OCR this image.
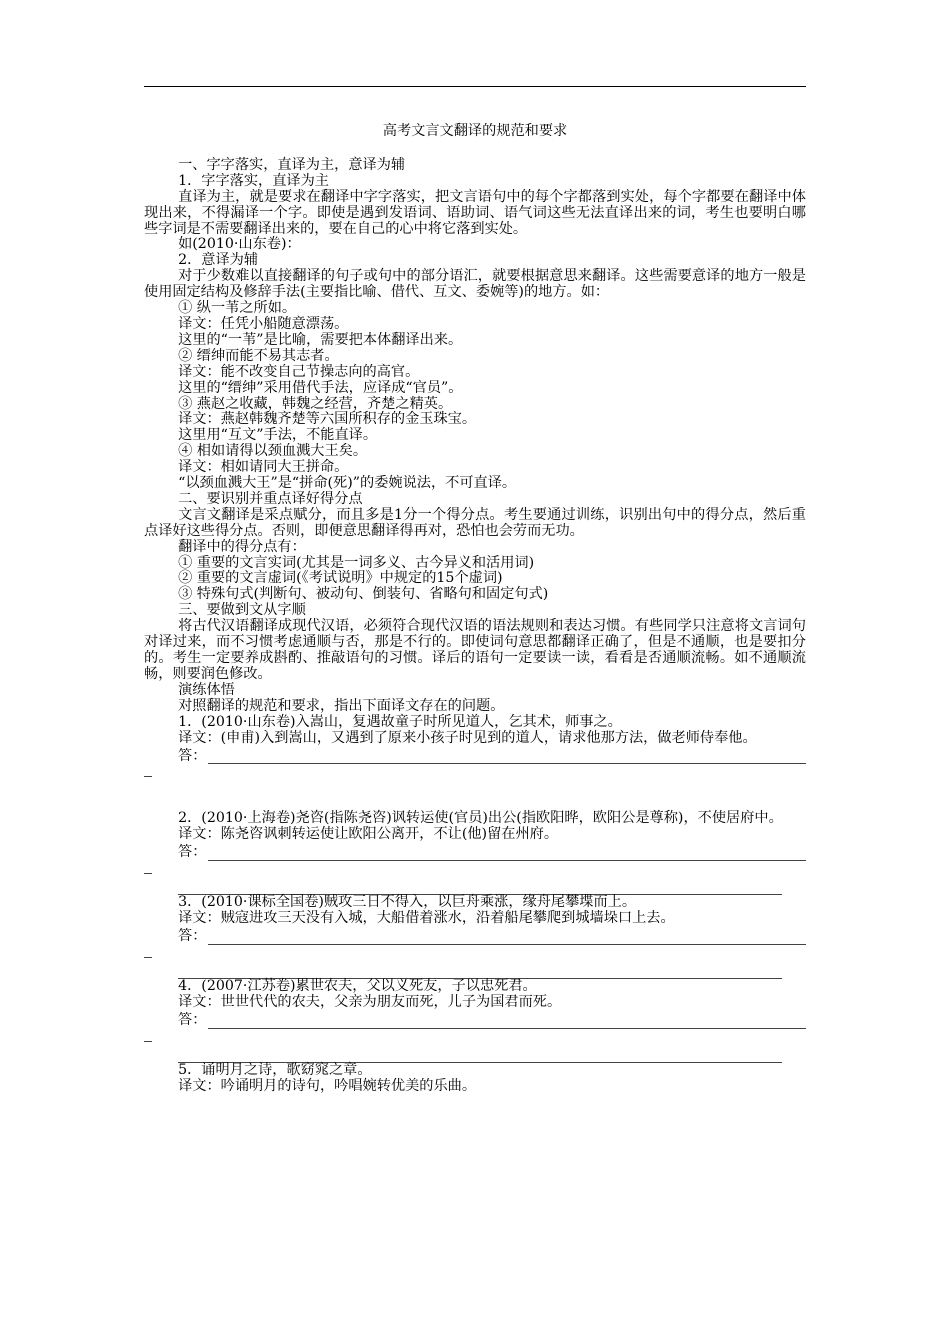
高考文言文翻译的规范和要求
一、字字落实，直译为主，意译为辅
1．字字落实，直译为主
直译为主，就是要求在翻译中字字落实，把文言语句中的每个字都落到实处，每个字都要在翻译中体现出来，不得漏译一个字。即使是遇到发语词、语助词、语气词这些无法直译出来的词，考生也要明白哪些字词是不需要翻译出来的，要在自己的心中将它落到实处。
如(2010·山东卷)：
2．意译为辅
对于少数难以直接翻译的句子或句中的部分语汇，就要根据意思来翻译。这些需要意译的地方一般是使用固定结构及修辞手法(主要指比喻、借代、互文、委婉等)的地方。如：
① 纵一苇之所如。
译文：任凭小船随意漂荡。
这里的“一苇”是比喻，需要把本体翻译出来。
② 缙绅而能不易其志者。
译文：能不改变自己节操志向的高官。
这里的“缙绅”采用借代手法，应译成“官员”。
③ 燕赵之收藏，韩魏之经营，齐楚之精英。
译文：燕赵韩魏齐楚等六国所积存的金玉珠宝。
这里用“互文”手法，不能直译。
④ 相如请得以颈血溅大王矣。
译文：相如请同大王拼命。
“以颈血溅大王”是“拼命(死)”的委婉说法，不可直译。
二、要识别并重点译好得分点
文言文翻译是采点赋分，而且多是1分一个得分点。考生要通过训练，识别出句中的得分点，然后重点译好这些得分点。否则，即便意思翻译得再对，恐怕也会劳而无功。
翻译中的得分点有：
① 重要的文言实词(尤其是一词多义、古今异义和活用词)
② 重要的文言虚词(《考试说明》中规定的15个虚词)
③ 特殊句式(判断句、被动句、倒装句、省略句和固定句式)
三、要做到文从字顺
将古代汉语翻译成现代汉语，必须符合现代汉语的语法规则和表达习惯。有些同学只注意将文言词句对译过来，而不习惯考虑通顺与否，那是不行的。即使词句意思都翻译正确了，但是不通顺，也是要扣分的。考生一定要养成斟酌、推敲语句的习惯。译后的语句一定要读一读，看看是否通顺流畅。如不通顺流畅，则要润色修改。
演练体悟
对照翻译的规范和要求，指出下面译文存在的问题。
1．(2010·山东卷)入嵩山，复遇故童子时所见道人，乞其术，师事之。
译文：(申甫)入到嵩山，又遇到了原来小孩子时见到的道人，请求他那方法，做老师侍奉他。
答：
2．(2010·上海卷)尧咨(指陈尧咨)讽转运使(官员)出公(指欧阳晔，欧阳公是尊称)，不使居府中。
译文：陈尧咨讽刺转运使让欧阳公离开，不让(他)留在州府。
答：
3．(2010·课标全国卷)贼攻三日不得入，以巨舟乘涨，缘舟尾攀堞而上。
译文：贼寇进攻三天没有入城，大船借着涨水，沿着船尾攀爬到城墙垛口上去。
答：
4．(2007·江苏卷)累世农夫，父以义死友，子以忠死君。
译文：世世代代的农夫，父亲为朋友而死，儿子为国君而死。
答：
5．诵明月之诗，歌窈窕之章。
译文：吟诵明月的诗句，吟唱婉转优美的乐曲。
